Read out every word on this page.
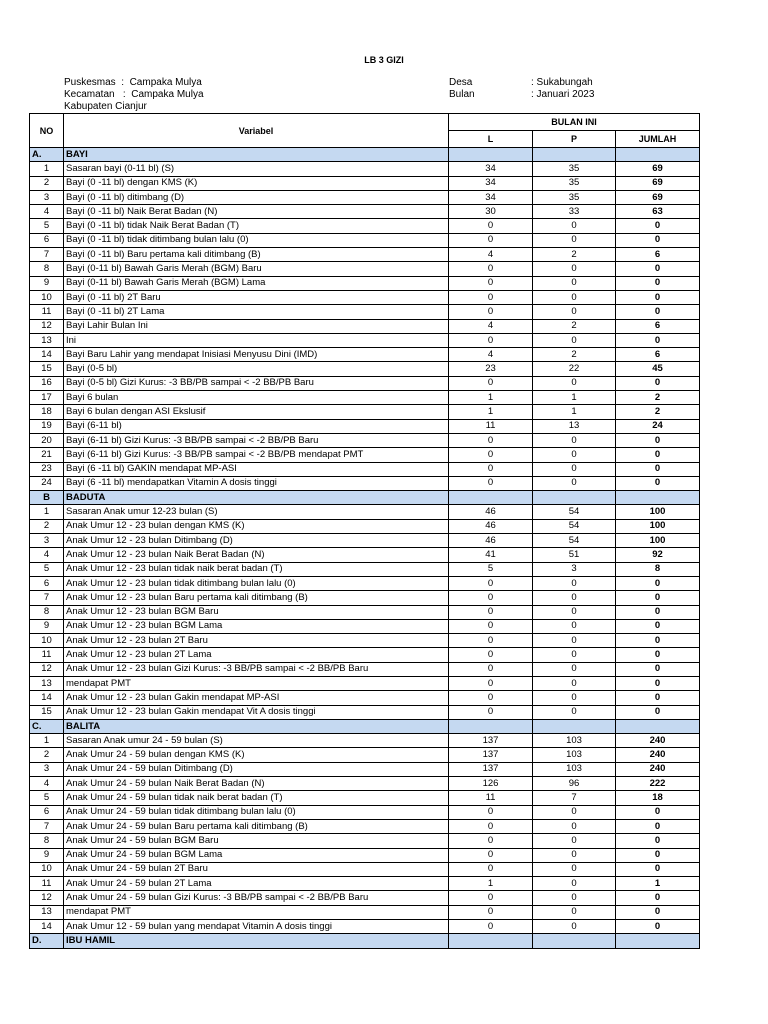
LB 3 GIZI
Puskesmas  :  Campaka Mulya
Kecamatan   :  Campaka Mulya
Kabupaten Cianjur
Desa	: Sukabungah
Bulan	: Januari 2023
NO	Variabel	BULAN INI		
		L	P	JUMLAH
A.	BAYI			
1	Sasaran bayi (0-11 bl) (S)	34	35	69
2	Bayi (0 -11 bl) dengan KMS (K)	34	35	69
3	Bayi (0 -11 bl) ditimbang (D)	34	35	69
4	Bayi (0 -11 bl) Naik Berat Badan (N)	30	33	63
5	Bayi (0 -11 bl) tidak Naik Berat Badan (T)	0	0	0
6	Bayi (0 -11 bl) tidak ditimbang bulan lalu (0)	0	0	0
7	Bayi (0 -11 bl) Baru pertama kali ditimbang (B)	4	2	6
8	Bayi (0-11 bl) Bawah Garis Merah (BGM) Baru	0	0	0
9	Bayi (0-11 bl) Bawah Garis Merah (BGM) Lama	0	0	0
10	Bayi (0 -11 bl) 2T Baru	0	0	0
11	Bayi (0 -11 bl) 2T Lama	0	0	0
12	Bayi Lahir Bulan Ini	4	2	6
13	Ini	0	0	0
14	Bayi Baru Lahir yang mendapat Inisiasi Menyusu Dini (IMD)	4	2	6
15	Bayi (0-5 bl)	23	22	45
16	Bayi (0-5 bl) Gizi Kurus: -3 BB/PB sampai < -2 BB/PB Baru	0	0	0
17	Bayi 6 bulan	1	1	2
18	Bayi 6 bulan dengan ASI Ekslusif	1	1	2
19	Bayi (6-11 bl)	11	13	24
20	Bayi (6-11 bl) Gizi Kurus: -3 BB/PB sampai < -2 BB/PB Baru	0	0	0
21	Bayi (6-11 bl) Gizi Kurus: -3 BB/PB sampai < -2 BB/PB mendapat PMT	0	0	0
23	Bayi (6 -11 bl) GAKIN mendapat MP-ASI	0	0	0
24	Bayi (6 -11 bl) mendapatkan Vitamin A dosis tinggi	0	0	0
B	BADUTA			
1	Sasaran Anak umur 12-23 bulan (S)	46	54	100
2	Anak Umur 12 - 23 bulan dengan KMS (K)	46	54	100
3	Anak Umur 12 - 23 bulan Ditimbang (D)	46	54	100
4	Anak Umur 12 - 23 bulan Naik Berat Badan (N)	41	51	92
5	Anak Umur 12 - 23 bulan tidak naik berat badan (T)	5	3	8
6	Anak Umur 12 - 23 bulan tidak ditimbang bulan lalu (0)	0	0	0
7	Anak Umur 12 - 23 bulan Baru pertama kali ditimbang (B)	0	0	0
8	Anak Umur 12 - 23 bulan BGM Baru	0	0	0
9	Anak Umur 12 - 23 bulan BGM Lama	0	0	0
10	Anak Umur 12 - 23 bulan 2T Baru	0	0	0
11	Anak Umur 12 - 23 bulan 2T Lama	0	0	0
12	Anak Umur 12 - 23 bulan Gizi Kurus: -3 BB/PB sampai < -2 BB/PB Baru	0	0	0
13	mendapat PMT	0	0	0
14	Anak Umur 12 - 23 bulan Gakin mendapat MP-ASI	0	0	0
15	Anak Umur 12 - 23 bulan Gakin mendapat Vit A dosis tinggi	0	0	0
C.	BALITA			
1	Sasaran Anak umur 24 - 59 bulan (S)	137	103	240
2	Anak Umur 24 - 59 bulan dengan KMS (K)	137	103	240
3	Anak Umur 24 - 59 bulan Ditimbang (D)	137	103	240
4	Anak Umur 24 - 59 bulan Naik Berat Badan (N)	126	96	222
5	Anak Umur 24 - 59 bulan tidak naik berat badan (T)	11	7	18
6	Anak Umur 24 - 59 bulan tidak ditimbang bulan lalu (0)	0	0	0
7	Anak Umur 24 - 59 bulan Baru pertama kali ditimbang (B)	0	0	0
8	Anak Umur 24 - 59 bulan BGM Baru	0	0	0
9	Anak Umur 24 - 59 bulan BGM Lama	0	0	0
10	Anak Umur 24 - 59 bulan 2T Baru	0	0	0
11	Anak Umur 24 - 59 bulan 2T Lama	1	0	1
12	Anak Umur 24 - 59 bulan Gizi Kurus: -3 BB/PB sampai < -2 BB/PB Baru	0	0	0
13	mendapat PMT	0	0	0
14	Anak Umur 12 - 59 bulan yang mendapat Vitamin A dosis tinggi	0	0	0
D.	IBU HAMIL			
